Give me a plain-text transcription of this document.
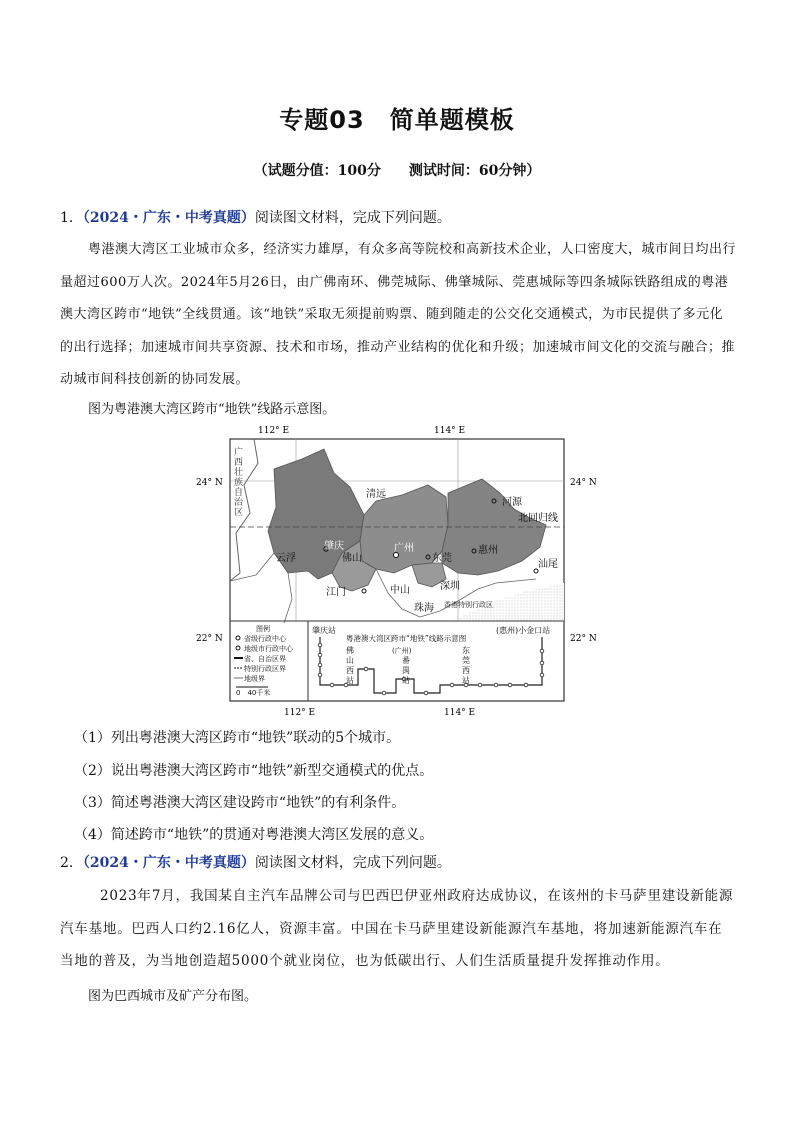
专题03　简单题模板
（试题分值：100分　　测试时间：60分钟）
1．（2024・广东・中考真题）阅读图文材料，完成下列问题。
粤港澳大湾区工业城市众多，经济实力雄厚，有众多高等院校和高新技术企业，人口密度大，城市间日均出行量超过600万人次。2024年5月26日，由广佛南环、佛莞城际、佛肇城际、莞惠城际等四条城际铁路组成的粤港澳大湾区跨市“地铁”全线贯通。该“地铁”采取无须提前购票、随到随走的公交化交通模式，为市民提供了多元化的出行选择；加速城市间共享资源、技术和市场，推动产业结构的优化和升级；加速城市间文化的交流与融合；推动城市间科技创新的协同发展。
图为粤港澳大湾区跨市“地铁”线路示意图。
112° E	114° E
112° E	114° E
24° N	24° N
22° N	22° N
广西壮族自治区	北回归线
清远
河源
肇庆
佛山
广州
东莞
惠州
云浮
江门	中山	深圳
珠海
汕尾
香港特别行政区
图例
省级行政中心
地级市行政中心
省、自治区界
特别行政区界
地级界
0　40千米
肇庆站
粤港澳大湾区跨市“地铁”线路示意图
(惠州)小金口站
佛山西站
(广州)
番禺站
东莞西站
（1）列出粤港澳大湾区跨市“地铁”联动的5个城市。
（2）说出粤港澳大湾区跨市“地铁”新型交通模式的优点。
（3）简述粤港澳大湾区建设跨市“地铁”的有利条件。
（4）简述跨市“地铁”的贯通对粤港澳大湾区发展的意义。
2．（2024・广东・中考真题）阅读图文材料，完成下列问题。
2023年7月，我国某自主汽车品牌公司与巴西巴伊亚州政府达成协议，在该州的卡马萨里建设新能源汽车基地。巴西人口约2.16亿人，资源丰富。中国在卡马萨里建设新能源汽车基地，将加速新能源汽车在当地的普及，为当地创造超5000个就业岗位，也为低碳出行、人们生活质量提升发挥推动作用。
图为巴西城市及矿产分布图。
